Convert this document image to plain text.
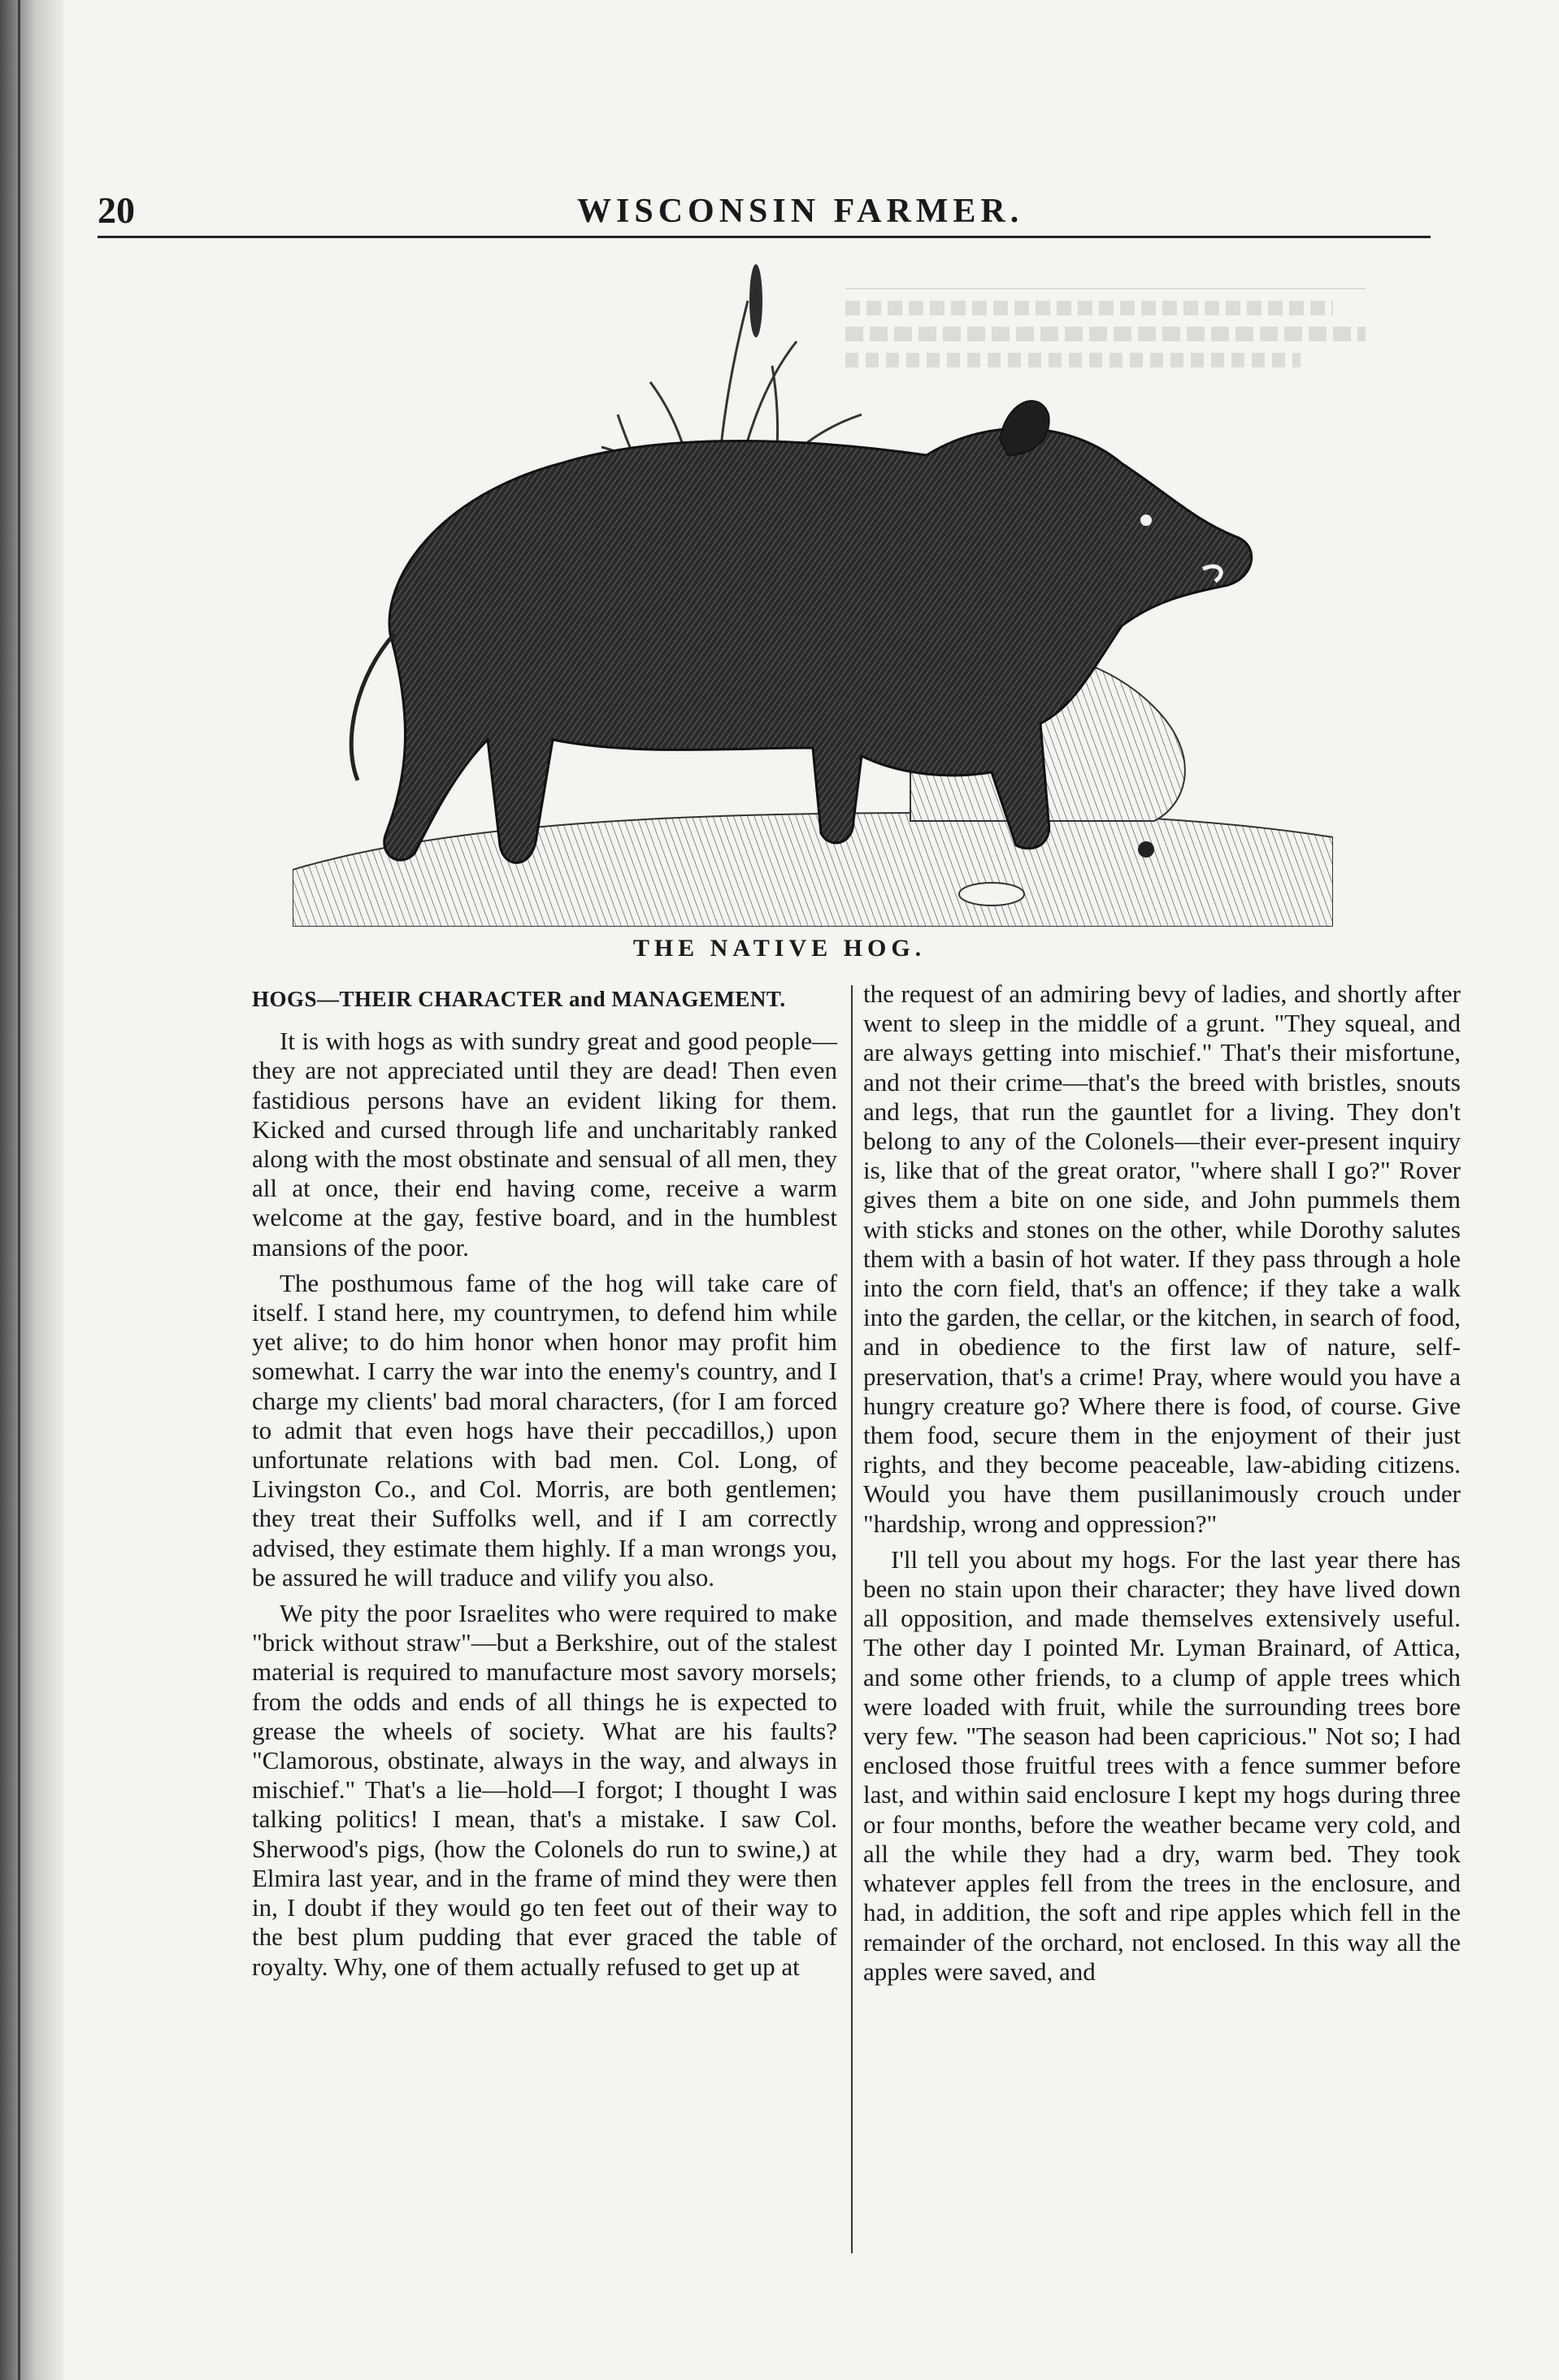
20	WISCONSIN FARMER.
THE NATIVE HOG.
HOGS—THEIR CHARACTER and MANAGEMENT.

It is with hogs as with sundry great and good people—they are not appreciated until they are dead! Then even fastidious persons have an evident liking for them. Kicked and cursed through life and uncharitably ranked along with the most obstinate and sensual of all men, they all at once, their end having come, receive a warm welcome at the gay, festive board, and in the humblest mansions of the poor.

The posthumous fame of the hog will take care of itself. I stand here, my countrymen, to defend him while yet alive; to do him honor when honor may profit him somewhat. I carry the war into the enemy's country, and I charge my clients' bad moral characters, (for I am forced to admit that even hogs have their peccadillos,) upon unfortunate relations with bad men. Col. Long, of Livingston Co., and Col. Morris, are both gentlemen; they treat their Suffolks well, and if I am correctly advised, they estimate them highly. If a man wrongs you, be assured he will traduce and vilify you also.

We pity the poor Israelites who were required to make "brick without straw"—but a Berkshire, out of the stalest material is required to manufacture most savory morsels; from the odds and ends of all things he is expected to grease the wheels of society. What are his faults? "Clamorous, obstinate, always in the way, and always in mischief." That's a lie—hold—I forgot; I thought I was talking politics! I mean, that's a mistake. I saw Col. Sherwood's pigs, (how the Colonels do run to swine,) at Elmira last year, and in the frame of mind they were then in, I doubt if they would go ten feet out of their way to the best plum pudding that ever graced the table of royalty. Why, one of them actually refused to get up at

the request of an admiring bevy of ladies, and shortly after went to sleep in the middle of a grunt. "They squeal, and are always getting into mischief." That's their misfortune, and not their crime—that's the breed with bristles, snouts and legs, that run the gauntlet for a living. They don't belong to any of the Colonels—their ever-present inquiry is, like that of the great orator, "where shall I go?" Rover gives them a bite on one side, and John pummels them with sticks and stones on the other, while Dorothy salutes them with a basin of hot water. If they pass through a hole into the corn field, that's an offence; if they take a walk into the garden, the cellar, or the kitchen, in search of food, and in obedience to the first law of nature, self-preservation, that's a crime! Pray, where would you have a hungry creature go? Where there is food, of course. Give them food, secure them in the enjoyment of their just rights, and they become peaceable, law-abiding citizens. Would you have them pusillanimously crouch under "hardship, wrong and oppression?"

I'll tell you about my hogs. For the last year there has been no stain upon their character; they have lived down all opposition, and made themselves extensively useful. The other day I pointed Mr. Lyman Brainard, of Attica, and some other friends, to a clump of apple trees which were loaded with fruit, while the surrounding trees bore very few. "The season had been capricious." Not so; I had enclosed those fruitful trees with a fence summer before last, and within said enclosure I kept my hogs during three or four months, before the weather became very cold, and all the while they had a dry, warm bed. They took whatever apples fell from the trees in the enclosure, and had, in addition, the soft and ripe apples which fell in the remainder of the orchard, not enclosed. In this way all the apples were saved, and
